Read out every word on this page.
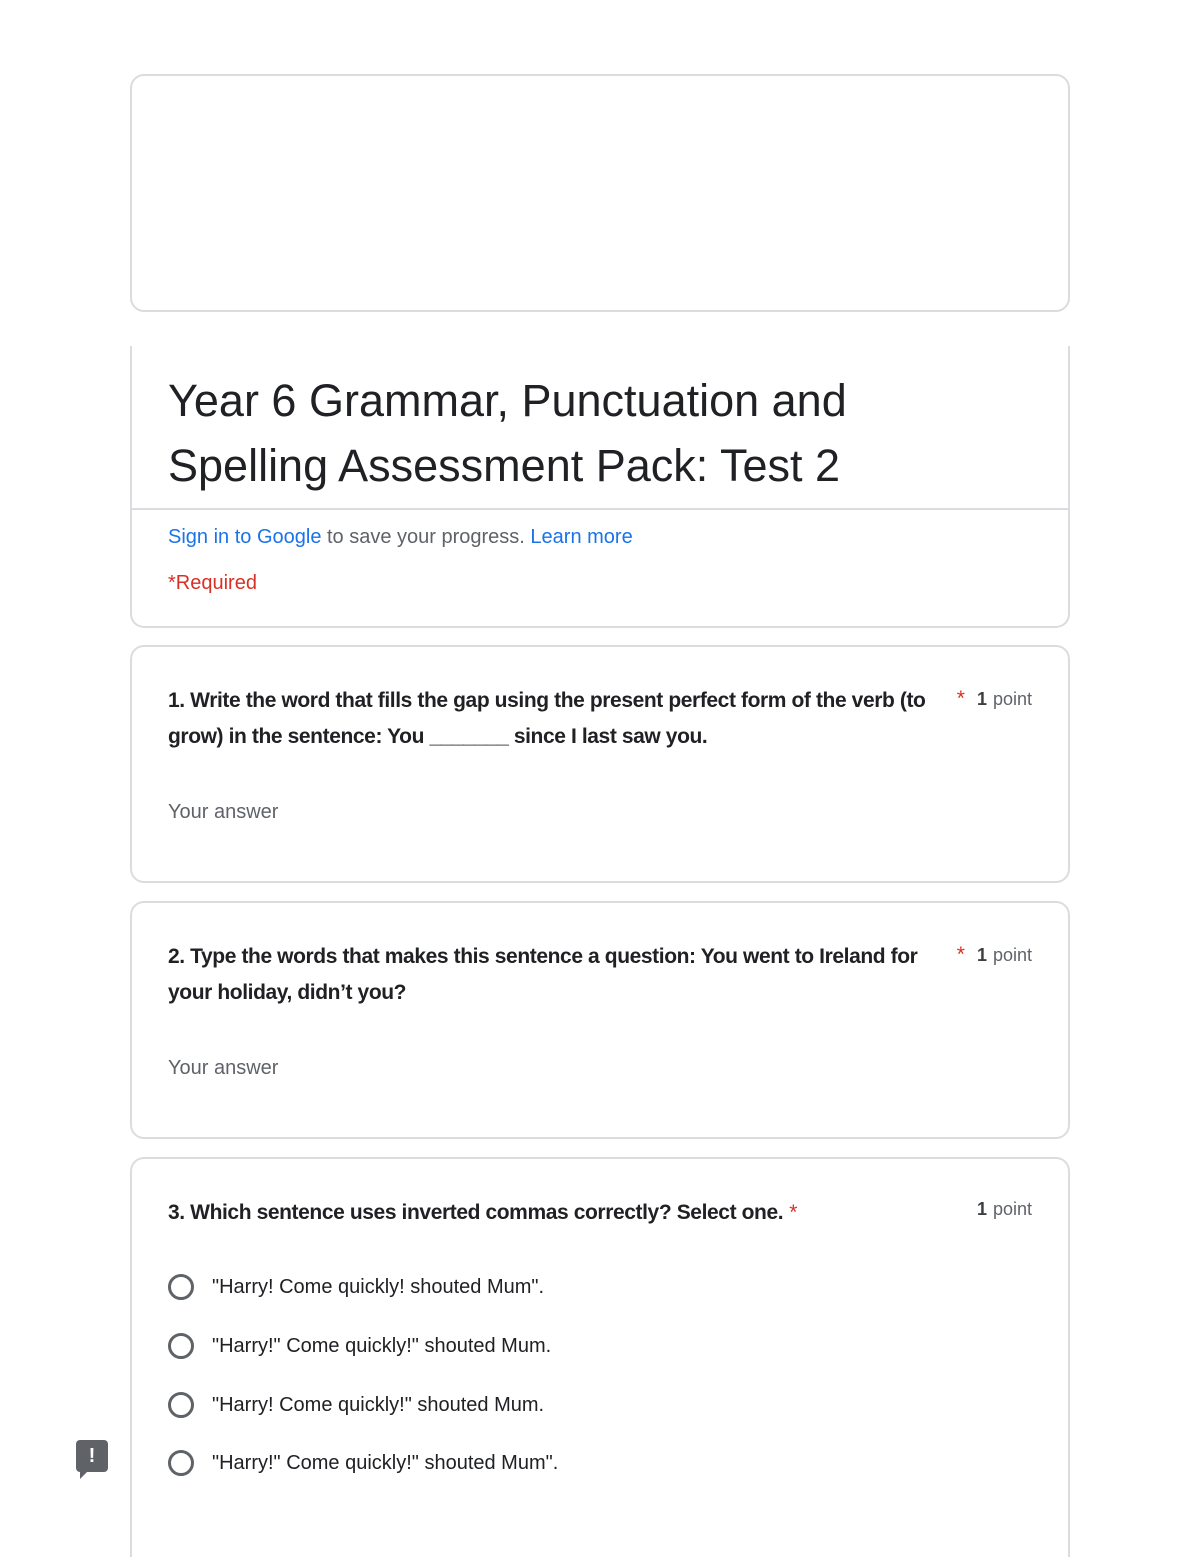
Year 6 Grammar, Punctuation and Spelling Assessment Pack: Test 2
Sign in to Google to save your progress. Learn more
*Required
1. Write the word that fills the gap using the present perfect form of the verb (to grow) in the sentence: You _______ since I last saw you.
* 1 point
Your answer
2. Type the words that makes this sentence a question: You went to Ireland for your holiday, didn’t you?
* 1 point
Your answer
3. Which sentence uses inverted commas correctly? Select one. *	1 point
"Harry! Come quickly! shouted Mum".
"Harry!" Come quickly!" shouted Mum.
"Harry! Come quickly!" shouted Mum.
"Harry!" Come quickly!" shouted Mum".
!
